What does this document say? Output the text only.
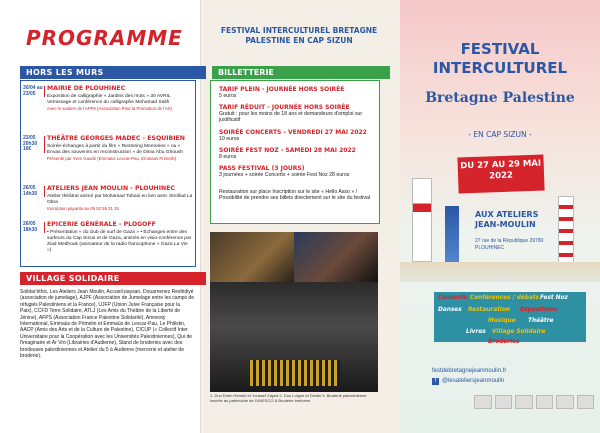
PROGRAMME
HORS LES MURS
30/04 au 23/05
MAIRIE DE PLOUHINEC
Exposition de calligraphie « Jardins des mots » 30 AVRIL Vernissage et conférence du calligraphe Mohamad Salih
Avec le soutien de l'APPA (Association Pour la Promotion de l'Art)
23/05 20h30 16€
THÉÂTRE GEORGES MADEC - ESQUIBIEN
Soirée-échanges à partir du film « Restoring Memories » ou « Envas des souvenirs en reconstruction » de Dima Abu Ghoush
Présenté par Yves Gaudé (Emmaüs Lescar-Pau, Emmaüs Primelin)
26/05 14h30
ATELIERS JEAN MOULIN - PLOUHINEC
Atelier théâtral animé par Mohamad Tobasi en lien avec Strollad La Obra
Inscription payante au 09 52 56 31 25
26/05 18h30
EPICERIE GÉNÉRALE - PLOGOFF
• Présentation « du club de surf de Gaza » • Échanges entre des surfeurs du Cap Sizun et de Gaza, animés en visio-conférence par Ziad Medhouk (animateur de la radio francophone « Gaza La Vie »)
VILLAGE SOLIDAIRE
Solidar'éthic, Les Ateliers Jean Moulin, Accueil paysan, Douarnenez Reshidiyé (association de jumelage), AJPF (Association de Jumelage entre les camps de réfugiés Palestiniens et la France), UJFP (Union Juive Française pour la Paix), CCFD Terre Solidaire, ATLJ (Les Amis du Théâtre de la Liberté de Jénine), AFPS (Association France Palestine Solidarité), Amnesty International, Emmaüs de Primelin et Emmaüs de Lescar-Pau, Le Philistin, AACP (Amis des Arts et de la Culture de Palestine), CICUP (« Collectif Inter Universitaire pour la Coopération avec les Universités Palestiniennes), Qui de l'imaginaire et Ar Vro (Librairies d'Audierne), Stand de broderies avec des brodeuses palestiniennes et Atelier du 5 à Audierne (mercerie et atelier de broderie).
FESTIVAL INTERCULTUREL BRETAGNE PALESTINE EN CAP SIZUN
BILLETTERIE
TARIF PLEIN - JOURNÉE HORS SOIRÉE
5 euros
TARIF RÉDUIT - JOURNÉE HORS SOIRÉE
Gratuit : pour les moins de 18 ans et demandeurs d'emploi sur justificatif
SOIRÉE CONCERTS - VENDREDI 27 MAI 2022
10 euros
SOIRÉE FEST NOZ - SAMEDI 28 MAI 2022
8 euros
PASS FESTIVAL (3 JOURS)
3 journées + soirée Concerts + soirée Fest Noz 28 euros
Restauration sur place Inscription sur le site « Hello Asso » / Possibilité de prendre ses billets directement sur le site du festival
1. Duo Errim Hermiri et Youssef Zayed 2. Duo Loigne et Dindin 3. Broderie palestinienne inscrite au patrimoine de l'UNESCO & Broderie bretonne
FESTIVAL INTERCULTUREL
Bretagne Palestine
- EN CAP SIZUN -
DU 27 AU 29 MAI 2022
AUX ATELIERS JEAN-MOULIN
27 rue de la République 29780 PLOUHINEC
Concerts Conférences / débats Fest Noz
Danses Restauration Expositions
Musique Théâtre
Livres Village Solidaire
Broderies
festdebretagnejeanmoulin.fr
f @lesateliersjeanmoulin
